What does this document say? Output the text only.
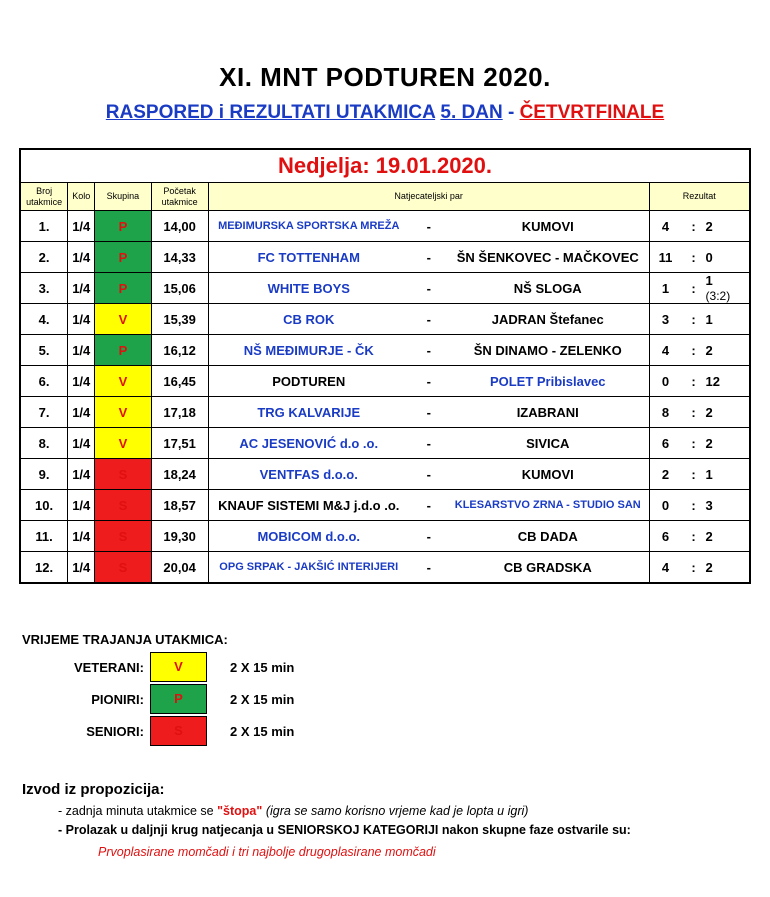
XI. MNT PODTUREN 2020.
RASPORED i REZULTATI UTAKMICA 5. DAN - ČETVRTFINALE
Nedjelja: 19.01.2020.					
Broj utakmice	Kolo	Skupina	Početak utakmice	Natjecateljski par	Rezultat
1.	1/4	P	14,00	MEĐIMURSKA SPORTSKA MREŽA - KUMOVI	4 : 2

2.	1/4	P	14,33	FC TOTTENHAM - ŠN ŠENKOVEC - MAČKOVEC	11 : 0

3.	1/4	P	15,06	WHITE BOYS - NŠ SLOGA	1 : 1 (3:2)

4.	1/4	V	15,39	CB ROK - JADRAN Štefanec	3 : 1

5.	1/4	P	16,12	NŠ MEĐIMURJE - ČK - ŠN DINAMO - ZELENKO	4 : 2

6.	1/4	V	16,45	PODTUREN - POLET Pribislavec	0 : 12

7.	1/4	V	17,18	TRG KALVARIJE - IZABRANI	8 : 2

8.	1/4	V	17,51	AC JESENOVIĆ d.o .o. - SIVICA	6 : 2

9.	1/4	S	18,24	VENTFAS d.o.o. - KUMOVI	2 : 1

10.	1/4	S	18,57	KNAUF SISTEMI M&J j.d.o .o. - KLESARSTVO ZRNA - STUDIO SAN	0 : 3

11.	1/4	S	19,30	MOBICOM d.o.o. - CB DADA	6 : 2

12.	1/4	S	20,04	OPG SRPAK - JAKŠIĆ INTERIJERI - CB GRADSKA	4 : 2
VRIJEME TRAJANJA UTAKMICA:
VETERANI:	V	2 X 15 min
PIONIRI:	P	2 X 15 min
SENIORI:	S	2 X 15 min
Izvod iz propozicija:
- zadnja minuta utakmice se "štopa" (igra se samo korisno vrjeme kad je lopta u igri)
- Prolazak u daljnji krug natjecanja u SENIORSKOJ KATEGORIJI nakon skupne faze ostvarile su:
Prvoplasirane momčadi i tri najbolje drugoplasirane momčadi
